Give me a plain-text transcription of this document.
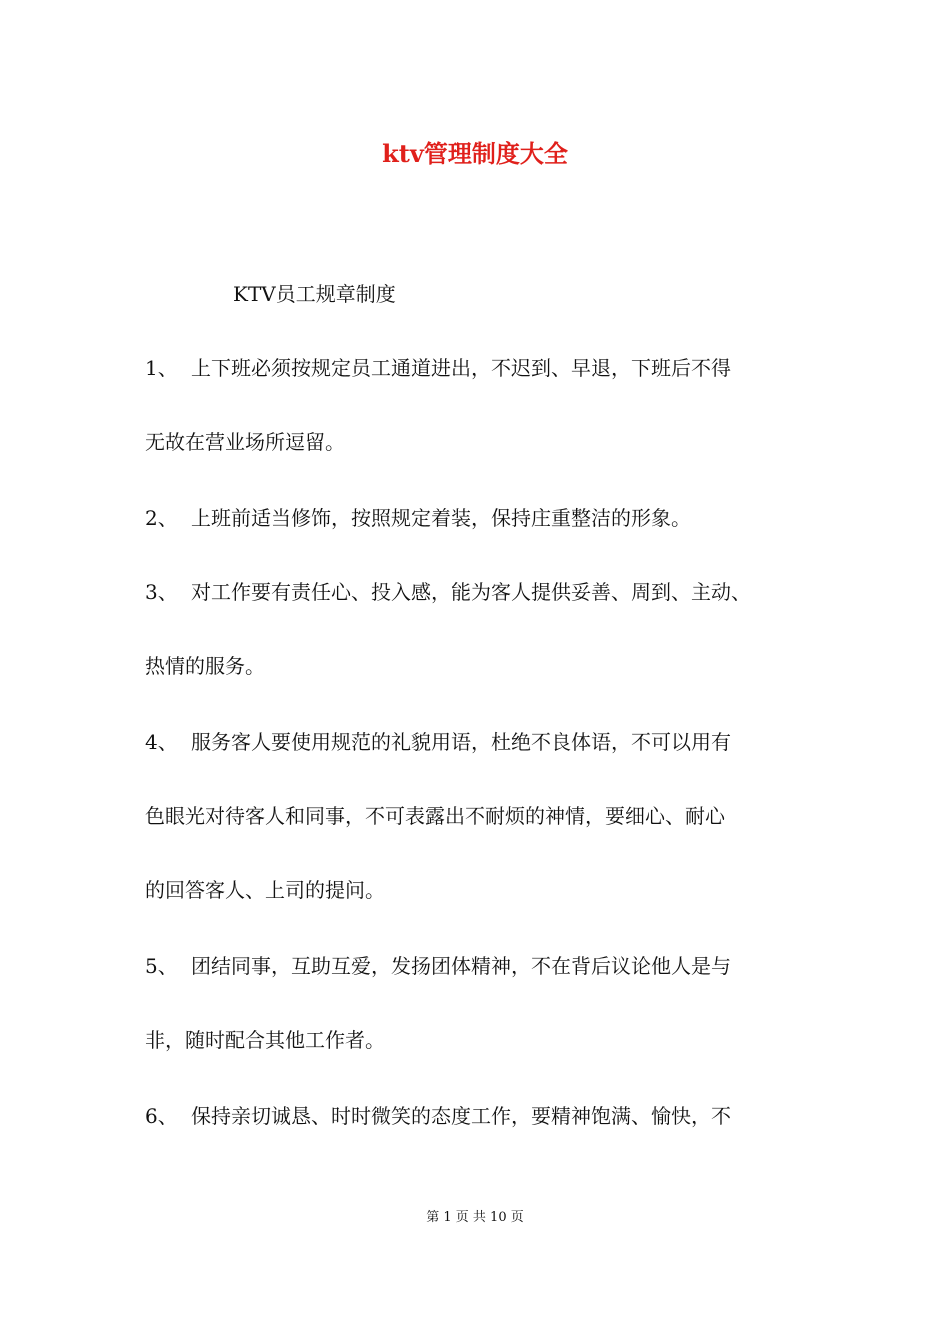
ktv管理制度大全
KTV员工规章制度
1、 上下班必须按规定员工通道进出，不迟到、早退，下班后不得
无故在营业场所逗留。
2、 上班前适当修饰，按照规定着装，保持庄重整洁的形象。
3、 对工作要有责任心、投入感，能为客人提供妥善、周到、主动、
热情的服务。
4、 服务客人要使用规范的礼貌用语，杜绝不良体语，不可以用有
色眼光对待客人和同事，不可表露出不耐烦的神情，要细心、耐心
的回答客人、上司的提问。
5、 团结同事，互助互爱，发扬团体精神，不在背后议论他人是与
非，随时配合其他工作者。
6、 保持亲切诚恳、时时微笑的态度工作，要精神饱满、愉快，不
第 1 页 共 10 页
